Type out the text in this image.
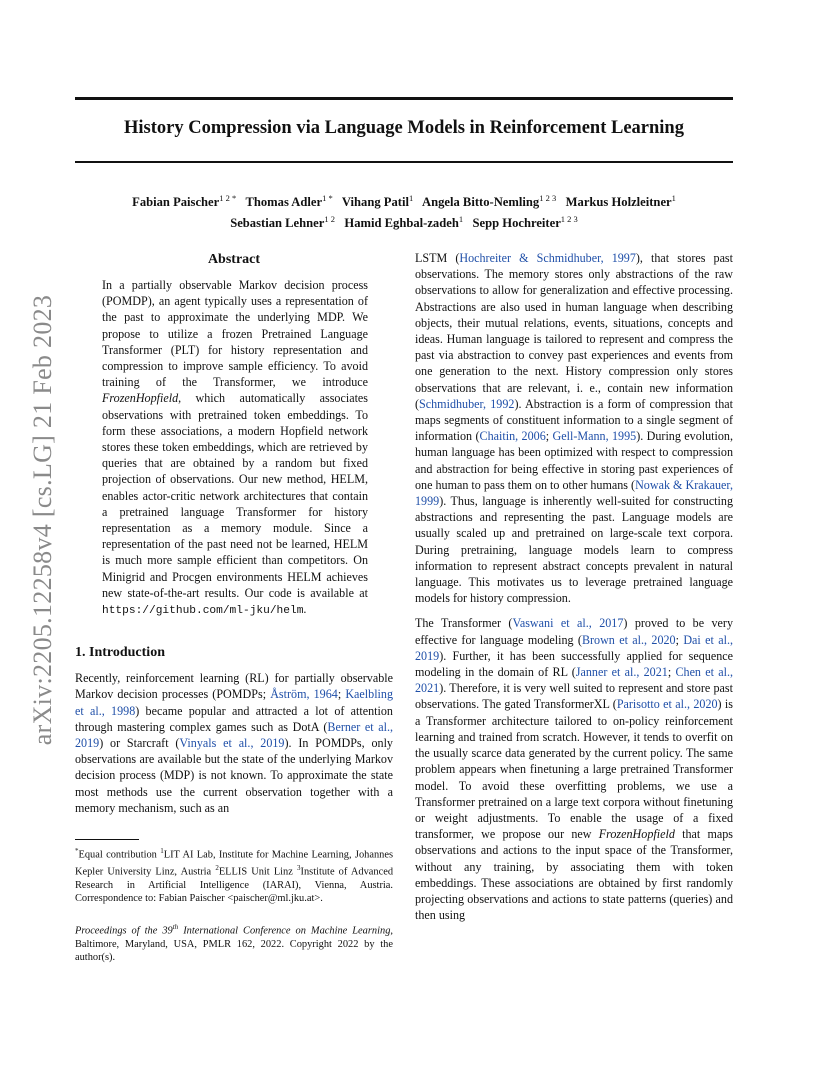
arXiv:2205.12258v4 [cs.LG] 21 Feb 2023
History Compression via Language Models in Reinforcement Learning
Fabian Paischer$^{1 2 *}$ Thomas Adler$^{1 *}$ Vihang Patil$^1$ Angela Bitto-Nemling$^{1 2 3}$ Markus Holzleitner$^1$
Sebastian Lehner$^{1 2}$ Hamid Eghbal-zadeh$^1$ Sepp Hochreiter$^{1 2 3}$
Abstract

In a partially observable Markov decision process (POMDP), an agent typically uses a representation of the past to approximate the underlying MDP. We propose to utilize a frozen Pretrained Language Transformer (PLT) for history representation and compression to improve sample efficiency. To avoid training of the Transformer, we introduce FrozenHopfield, which automatically associates observations with pretrained token embeddings. To form these associations, a modern Hopfield network stores these token embeddings, which are retrieved by queries that are obtained by a random but fixed projection of observations. Our new method, HELM, enables actor-critic network architectures that contain a pretrained language Transformer for history representation as a memory module. Since a representation of the past need not be learned, HELM is much more sample efficient than competitors. On Minigrid and Procgen environments HELM achieves new state-of-the-art results. Our code is available at https://github.com/ml-jku/helm.

1. Introduction

Recently, reinforcement learning (RL) for partially observable Markov decision processes (POMDPs; Åström, 1964; Kaelbling et al., 1998) became popular and attracted a lot of attention through mastering complex games such as DotA (Berner et al., 2019) or Starcraft (Vinyals et al., 2019). In POMDPs, only observations are available but the state of the underlying Markov decision process (MDP) is not known. To approximate the state most methods use the current observation together with a memory mechanism, such as an

*Equal contribution $^1$LIT AI Lab, Institute for Machine Learning, Johannes Kepler University Linz, Austria $^2$ELLIS Unit Linz $^3$Institute of Advanced Research in Artificial Intelligence (IARAI), Vienna, Austria. Correspondence to: Fabian Paischer <paischer@ml.jku.at>.

Proceedings of the 39th International Conference on Machine Learning, Baltimore, Maryland, USA, PMLR 162, 2022. Copyright 2022 by the author(s).

LSTM (Hochreiter & Schmidhuber, 1997), that stores past observations. The memory stores only abstractions of the raw observations to allow for generalization and effective processing. Abstractions are also used in human language when describing objects, their mutual relations, events, situations, concepts and ideas. Human language is tailored to represent and compress the past via abstraction to convey past experiences and events from one generation to the next. History compression only stores observations that are relevant, i. e., contain new information (Schmidhuber, 1992). Abstraction is a form of compression that maps segments of constituent information to a single segment of information (Chaitin, 2006; Gell-Mann, 1995). During evolution, human language has been optimized with respect to compression and abstraction for being effective in storing past experiences of one human to pass them on to other humans (Nowak & Krakauer, 1999). Thus, language is inherently well-suited for constructing abstractions and representing the past. Language models are usually scaled up and pretrained on large-scale text corpora. During pretraining, language models learn to compress information to represent abstract concepts prevalent in natural language. This motivates us to leverage pretrained language models for history compression.

The Transformer (Vaswani et al., 2017) proved to be very effective for language modeling (Brown et al., 2020; Dai et al., 2019). Further, it has been successfully applied for sequence modeling in the domain of RL (Janner et al., 2021; Chen et al., 2021). Therefore, it is very well suited to represent and store past observations. The gated TransformerXL (Parisotto et al., 2020) is a Transformer architecture tailored to on-policy reinforcement learning and trained from scratch. However, it tends to overfit on the usually scarce data generated by the current policy. The same problem appears when finetuning a large pretrained Transformer model. To avoid these overfitting problems, we use a Transformer pretrained on a large text corpora without finetuning or weight adjustments. To enable the usage of a fixed transformer, we propose our new FrozenHopfield that maps observations and actions to the input space of the Transformer, without any training, by associating them with token embeddings. These associations are obtained by first randomly projecting observations and actions to state patterns (queries) and then using
